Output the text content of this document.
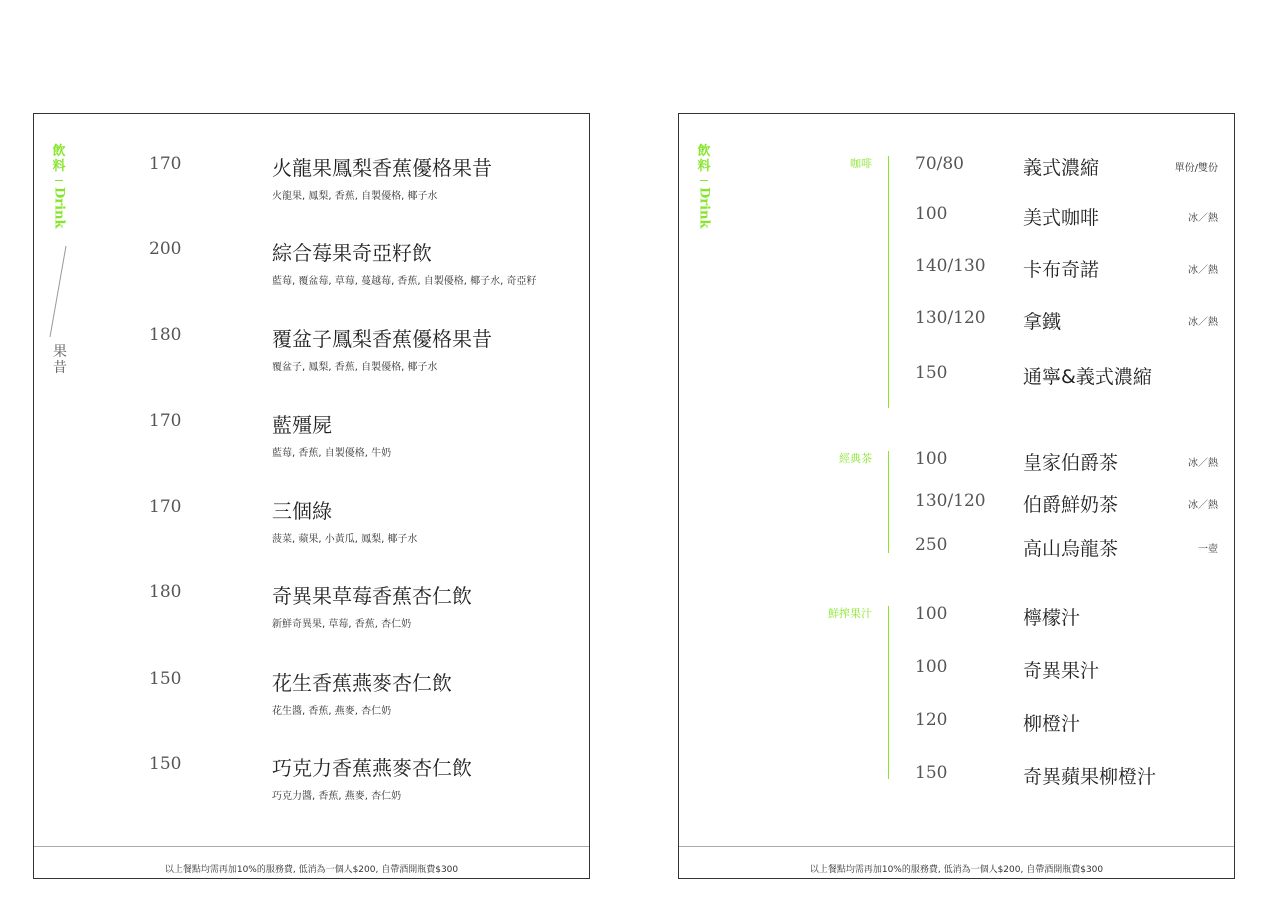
飲
料
Drink
果
昔
170	火龍果鳳梨香蕉優格果昔
火龍果, 鳳梨, 香蕉, 自製優格, 椰子水
200	綜合莓果奇亞籽飲
藍莓, 覆盆莓, 草莓, 蔓越莓, 香蕉, 自製優格, 椰子水, 奇亞籽
180	覆盆子鳳梨香蕉優格果昔
覆盆子, 鳳梨, 香蕉, 自製優格, 椰子水
170	藍殭屍
藍莓, 香蕉, 自製優格, 牛奶
170	三個綠
菠菜, 蘋果, 小黃瓜, 鳳梨, 椰子水
180	奇異果草莓香蕉杏仁飲
新鮮奇異果, 草莓, 香蕉, 杏仁奶
150	花生香蕉燕麥杏仁飲
花生醬, 香蕉, 燕麥, 杏仁奶
150	巧克力香蕉燕麥杏仁飲
巧克力醬, 香蕉, 燕麥, 杏仁奶
以上餐點均需再加10%的服務費, 低消為一個人$200, 自帶酒開瓶費$300
飲
料
Drink
咖啡	70/80	義式濃縮	單份/雙份
100	美式咖啡	冰／熱
140/130 卡布奇諾	冰／熱
130/120 拿鐵	冰／熱
150	通寧&義式濃縮
經典茶	100	皇家伯爵茶	冰／熱
130/120 伯爵鮮奶茶	冰／熱
250	高山烏龍茶	一壺
鮮搾果汁	100	檸檬汁
100	奇異果汁
120	柳橙汁
150	奇異蘋果柳橙汁
以上餐點均需再加10%的服務費, 低消為一個人$200, 自帶酒開瓶費$300
